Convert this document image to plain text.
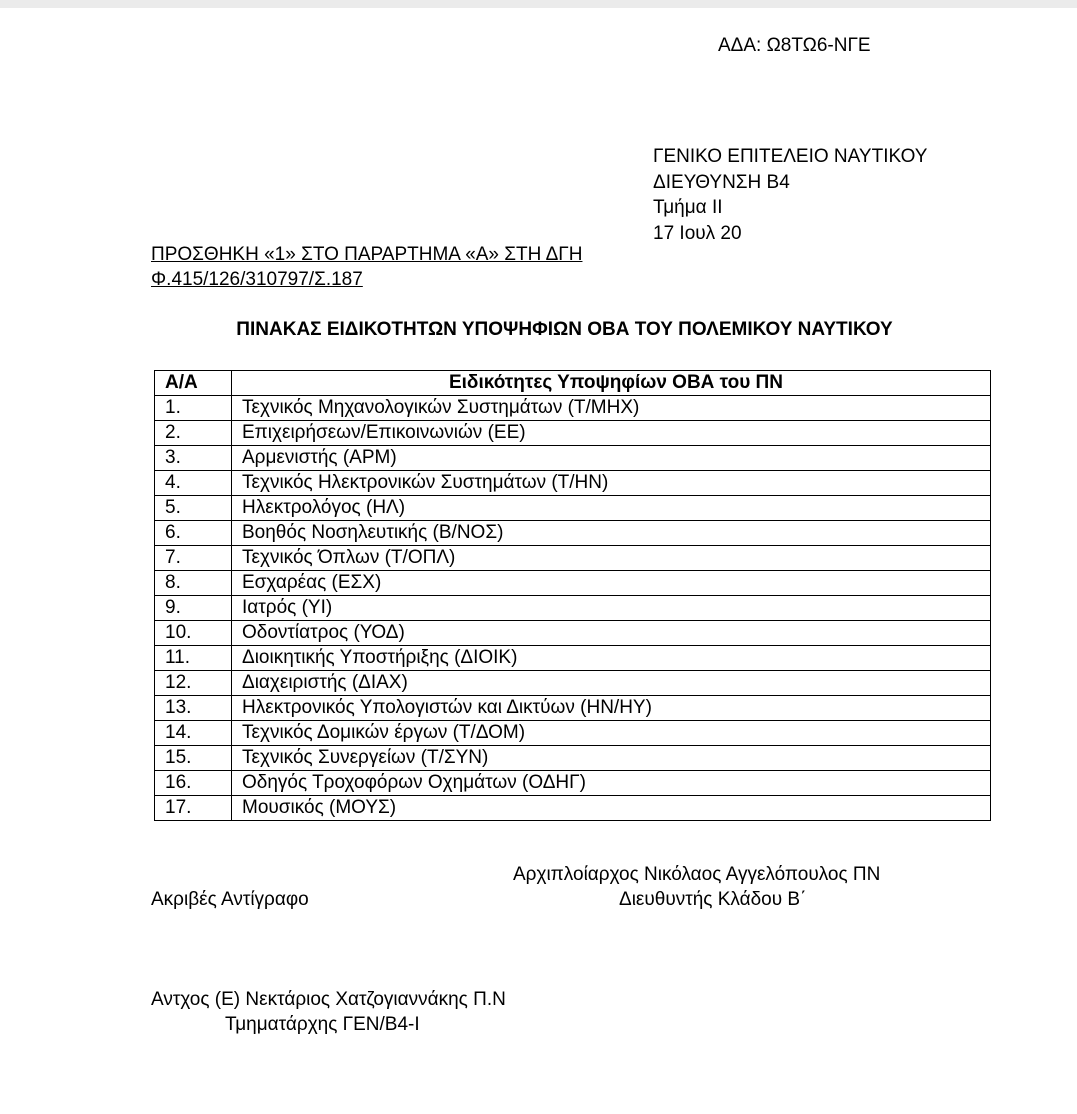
ΑΔΑ: Ω8ΤΩ6-ΝΓΕ
ΓΕΝΙΚΟ ΕΠΙΤΕΛΕΙΟ ΝΑΥΤΙΚΟΥ
ΔΙΕΥΘΥΝΣΗ Β4
Τμήμα ΙΙ
17 Ιουλ 20
ΠΡΟΣΘΗΚΗ «1» ΣΤΟ ΠΑΡΑΡΤΗΜΑ «Α» ΣΤΗ ΔΓΗ
Φ.415/126/310797/Σ.187
ΠΙΝΑΚΑΣ ΕΙΔΙΚΟΤΗΤΩΝ ΥΠΟΨΗΦΙΩΝ ΟΒΑ ΤΟΥ ΠΟΛΕΜΙΚΟΥ ΝΑΥΤΙΚΟΥ
Α/Α	Ειδικότητες Υποψηφίων ΟΒΑ του ΠΝ
1.	Τεχνικός Μηχανολογικών Συστημάτων (Τ/ΜΗΧ)
2.	Επιχειρήσεων/Επικοινωνιών (ΕΕ)
3.	Αρμενιστής (ΑΡΜ)
4.	Τεχνικός Ηλεκτρονικών Συστημάτων (Τ/ΗΝ)
5.	Ηλεκτρολόγος (ΗΛ)
6.	Βοηθός Νοσηλευτικής (Β/ΝΟΣ)
7.	Τεχνικός Όπλων (Τ/ΟΠΛ)
8.	Εσχαρέας (ΕΣΧ)
9.	Ιατρός (ΥΙ)
10.	Οδοντίατρος (ΥΟΔ)
11.	Διοικητικής Υποστήριξης (ΔΙΟΙΚ)
12.	Διαχειριστής (ΔΙΑΧ)
13.	Ηλεκτρονικός Υπολογιστών και Δικτύων (ΗΝ/ΗΥ)
14.	Τεχνικός Δομικών έργων (Τ/ΔΟΜ)
15.	Τεχνικός Συνεργείων (Τ/ΣΥΝ)
16.	Οδηγός Τροχοφόρων Οχημάτων (ΟΔΗΓ)
17.	Μουσικός (ΜΟΥΣ)
Αρχιπλοίαρχος Νικόλαος Αγγελόπουλος ΠΝ
Διευθυντής Κλάδου Β΄
Ακριβές Αντίγραφο
Αντχος (Ε) Νεκτάριος Χατζογιαννάκης Π.Ν
Τμηματάρχης ΓΕΝ/Β4-Ι
